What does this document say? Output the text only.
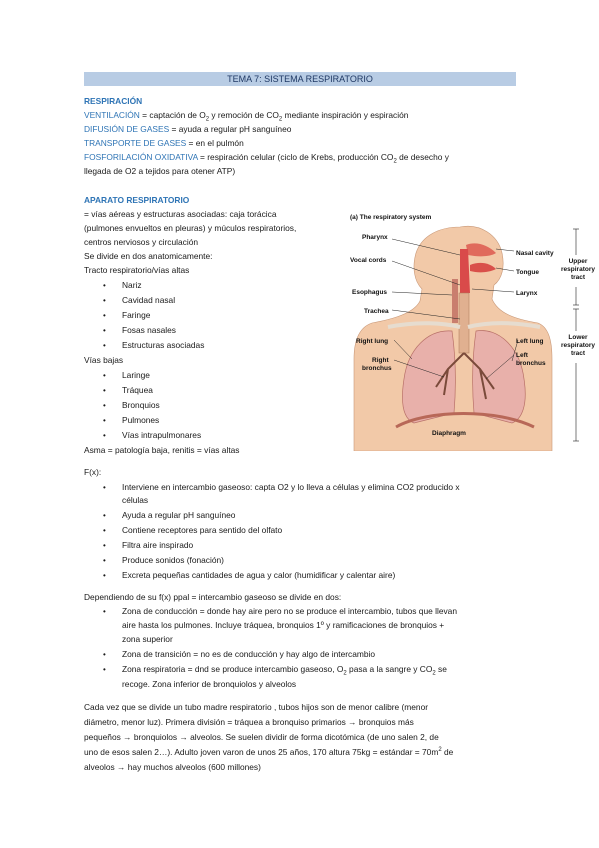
TEMA 7: SISTEMA RESPIRATORIO
RESPIRACIÓN
VENTILACIÓN = captación de $O_2$ y remoción de $CO_2$ mediante inspiración y espiración
DIFUSIÓN DE GASES = ayuda a regular pH sanguíneo
TRANSPORTE DE GASES = en el pulmón
FOSFORILACIÓN OXIDATIVA = respiración celular (ciclo de Krebs, producción $CO_2$ de desecho y
llegada de O2 a tejidos para otener ATP)
APARATO RESPIRATORIO
= vías aéreas y estructuras asociadas: caja torácica
(pulmones envueltos en pleuras) y múculos respiratorios,
centros nerviosos y circulación
Se divide en dos anatomicamente:
Tracto respiratorio/vías altas
• Nariz
• Cavidad nasal
• Faringe
• Fosas nasales
• Estructuras asociadas
Vías bajas
• Laringe
• Tráquea
• Bronquios
• Pulmones
• Vías intrapulmonares
Asma = patología baja, renitis = vías altas
(a) The respiratory system
Pharynx
Vocal cords
Esophagus
Trachea
Right lung
Right
bronchus
Nasal cavity
Tongue
Larynx
Left lung
Left
bronchus
Diaphragm
Upper
respiratory
tract
Lower
respiratory
tract
F(x):
• Interviene en intercambio gaseoso: capta O2 y lo lleva a células y elimina CO2 producido x
células
• Ayuda a regular pH sanguíneo
• Contiene receptores para sentido del olfato
• Filtra aire inspirado
• Produce sonidos (fonación)
• Excreta pequeñas cantidades de agua y calor (humidificar y calentar aire)
Dependiendo de su f(x) ppal = intercambio gaseoso se divide en dos:
• Zona de conducción = donde hay aire pero no se produce el intercambio, tubos que llevan
aire hasta los pulmones. Incluye tráquea, bronquios 1º y ramificaciones de bronquios +
zona superior
• Zona de transición = no es de conducción y hay algo de intercambio
• Zona respiratoria = dnd se produce intercambio gaseoso, $O_2$ pasa a la sangre y $CO_2$ se
recoge. Zona inferior de bronquiolos y alveolos
Cada vez que se divide un tubo madre respiratorio , tubos hijos son de menor calibre (menor
diámetro, menor luz). Primera división = tráquea a bronquiso primarios → bronquios más
pequeños → bronquiolos → alveolos. Se suelen dividir de forma dicotómica (de uno salen 2, de
uno de esos salen 2…). Adulto joven varon de unos 25 años, 170 altura 75kg = estándar = $70m^2$ de
alveolos → hay muchos alveolos (600 millones)
